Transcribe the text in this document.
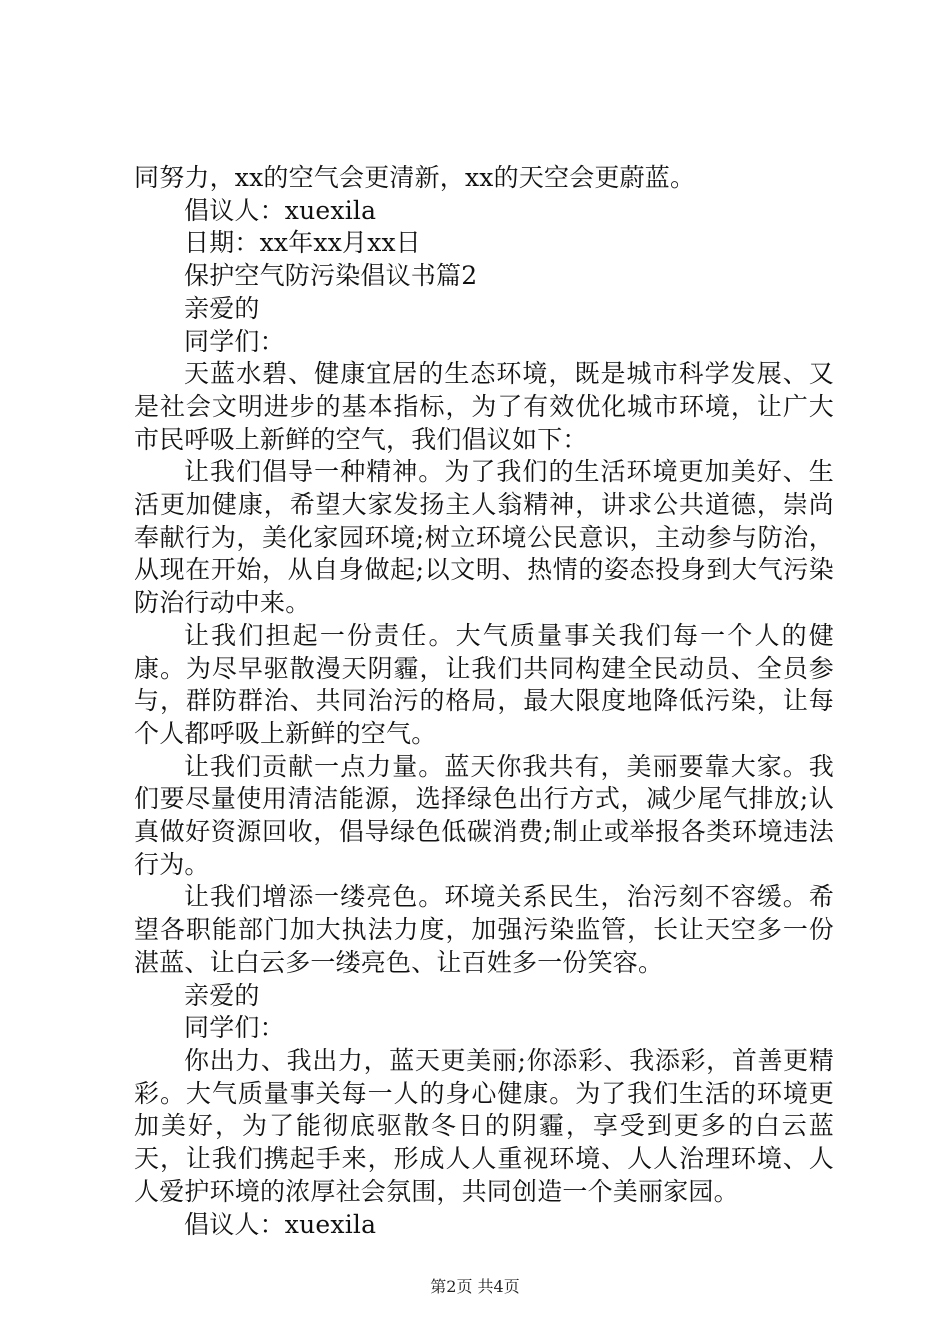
同努力，xx的空气会更清新，xx的天空会更蔚蓝。

倡议人：xuexila

日期：xx年xx月xx日

保护空气防污染倡议书篇2

亲爱的

同学们：

天蓝水碧、健康宜居的生态环境，既是城市科学发展、又是社会文明进步的基本指标，为了有效优化城市环境，让广大市民呼吸上新鲜的空气，我们倡议如下：

让我们倡导一种精神。为了我们的生活环境更加美好、生活更加健康，希望大家发扬主人翁精神，讲求公共道德，崇尚奉献行为，美化家园环境;树立环境公民意识，主动参与防治，从现在开始，从自身做起;以文明、热情的姿态投身到大气污染防治行动中来。

让我们担起一份责任。大气质量事关我们每一个人的健康。为尽早驱散漫天阴霾，让我们共同构建全民动员、全员参与，群防群治、共同治污的格局，最大限度地降低污染，让每个人都呼吸上新鲜的空气。

让我们贡献一点力量。蓝天你我共有，美丽要靠大家。我们要尽量使用清洁能源，选择绿色出行方式，减少尾气排放;认真做好资源回收，倡导绿色低碳消费;制止或举报各类环境违法行为。

让我们增添一缕亮色。环境关系民生，治污刻不容缓。希望各职能部门加大执法力度，加强污染监管，长让天空多一份湛蓝、让白云多一缕亮色、让百姓多一份笑容。

亲爱的

同学们：

你出力、我出力，蓝天更美丽;你添彩、我添彩，首善更精彩。大气质量事关每一人的身心健康。为了我们生活的环境更加美好，为了能彻底驱散冬日的阴霾，享受到更多的白云蓝天，让我们携起手来，形成人人重视环境、人人治理环境、人人爱护环境的浓厚社会氛围，共同创造一个美丽家园。

倡议人：xuexila

第2页 共4页
